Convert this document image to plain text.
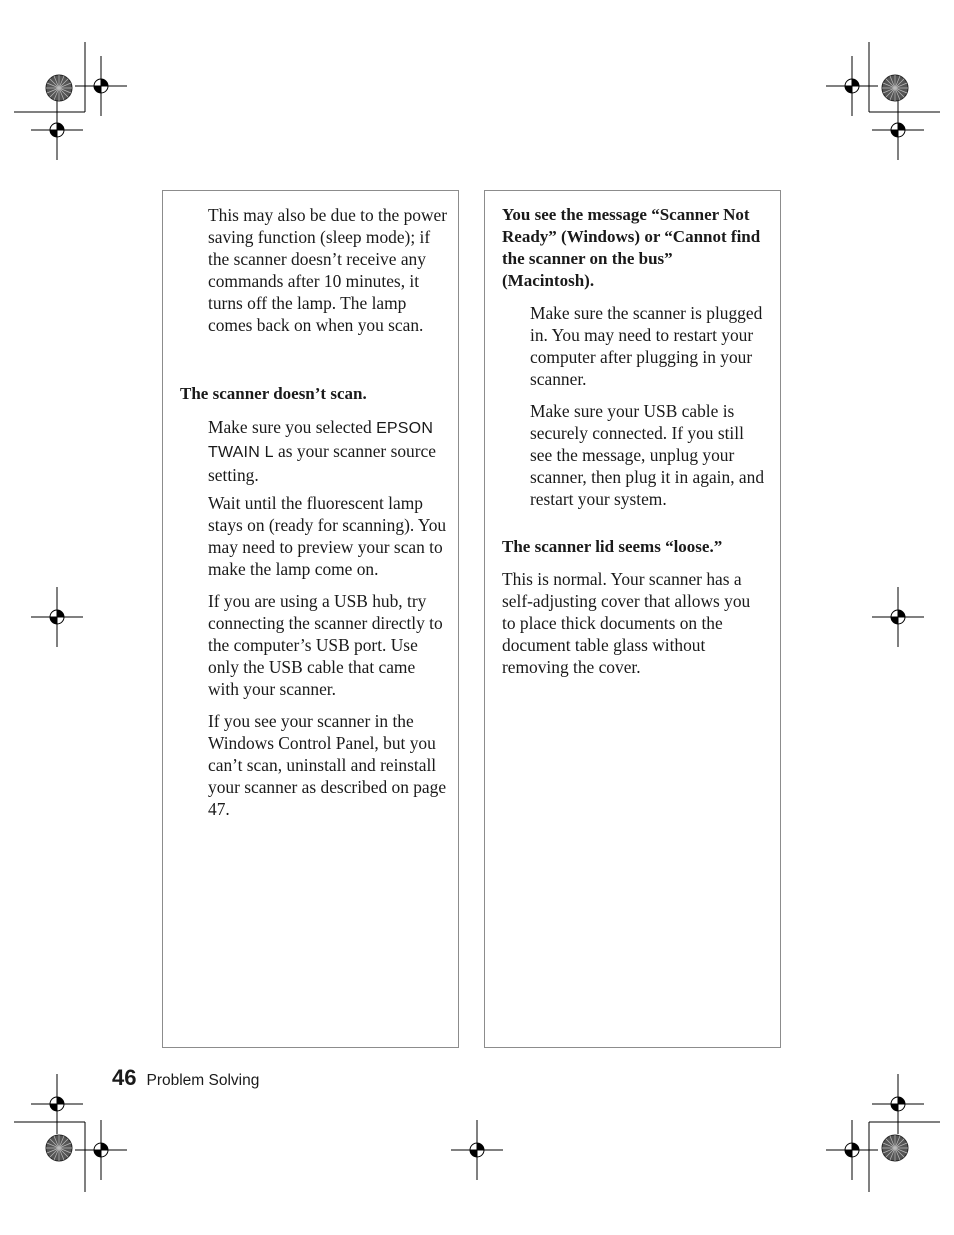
This may also be due to the power saving function (sleep mode); if the scanner doesn’t receive any commands after 10 minutes, it turns off the lamp. The lamp comes back on when you scan.

The scanner doesn’t scan.

Make sure you selected EPSON TWAIN L as your scanner source setting.

Wait until the fluorescent lamp stays on (ready for scanning). You may need to preview your scan to make the lamp come on.

If you are using a USB hub, try connecting the scanner directly to the computer’s USB port. Use only the USB cable that came with your scanner.

If you see your scanner in the Windows Control Panel, but you can’t scan, uninstall and reinstall your scanner as described on page 47.

You see the message “Scanner Not Ready” (Windows) or “Cannot find the scanner on the bus” (Macintosh).

Make sure the scanner is plugged in. You may need to restart your computer after plugging in your scanner.

Make sure your USB cable is securely connected. If you still see the message, unplug your scanner, then plug it in again, and restart your system.

The scanner lid seems “loose.”

This is normal. Your scanner has a self-adjusting cover that allows you to place thick documents on the document table glass without removing the cover.

46 Problem Solving
